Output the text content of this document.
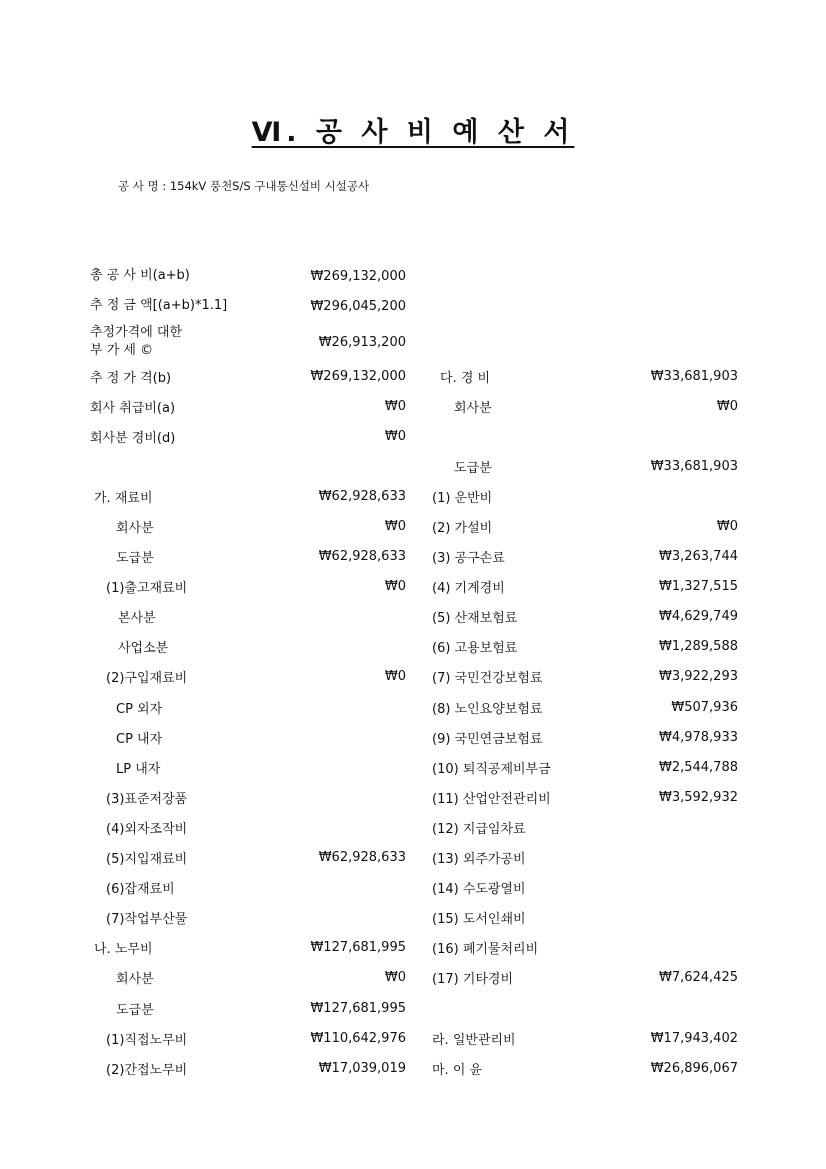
Ⅵ. 공 사 비 예 산 서
공 사 명 : 154kV 풍천S/S 구내통신설비 시설공사
총 공 사 비(a+b)	₩269,132,000
추 정 금 액[(a+b)*1.1]	₩296,045,200
추정가격에 대한
부 가 세 ©
₩26,913,200
추 정 가 격(b)	₩269,132,000
회사 취급비(a)	₩0
회사분 경비(d)	₩0
가. 재료비	₩62,928,633
회사분	₩0
도급분	₩62,928,633
(1)출고재료비	₩0
본사분
사업소분
(2)구입재료비	₩0
CP 외자
CP 내자
LP 내자
(3)표준저장품
(4)외자조작비
(5)지입재료비	₩62,928,633
(6)잡재료비
(7)작업부산물
나. 노무비	₩127,681,995
회사분	₩0
도급분	₩127,681,995
(1)직접노무비	₩110,642,976
(2)간접노무비	₩17,039,019
다. 경 비	₩33,681,903
회사분	₩0
도급분	₩33,681,903
(1) 운반비
(2) 가설비	₩0
(3) 공구손료	₩3,263,744
(4) 기계경비	₩1,327,515
(5) 산재보험료	₩4,629,749
(6) 고용보험료	₩1,289,588
(7) 국민건강보험료	₩3,922,293
(8) 노인요양보험료	₩507,936
(9) 국민연금보험료	₩4,978,933
(10) 퇴직공제비부금	₩2,544,788
(11) 산업안전관리비	₩3,592,932
(12) 지급임차료
(13) 외주가공비
(14) 수도광열비
(15) 도서인쇄비
(16) 폐기물처리비
(17) 기타경비	₩7,624,425
라. 일반관리비	₩17,943,402
마. 이 윤	₩26,896,067
